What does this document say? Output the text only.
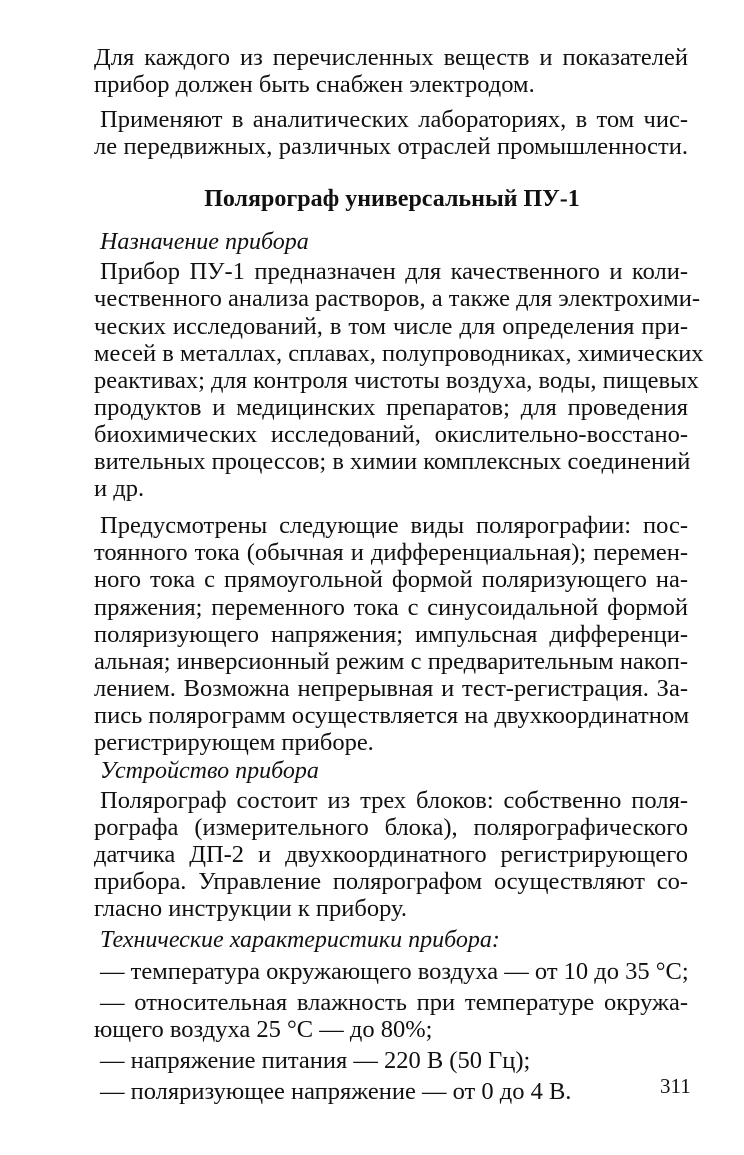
Для каждого из перечисленных веществ и показателей
прибор должен быть снабжен электродом.
Применяют в аналитических лабораториях, в том чис-
ле передвижных, различных отраслей промышленности.
Полярограф универсальный ПУ-1
Назначение прибора
Прибор ПУ-1 предназначен для качественного и коли-
чественного анализа растворов, а также для электрохими-
ческих исследований, в том числе для определения при-
месей в металлах, сплавах, полупроводниках, химических
реактивах; для контроля чистоты воздуха, воды, пищевых
продуктов и медицинских препаратов; для проведения
биохимических исследований, окислительно-восстано-
вительных процессов; в химии комплексных соединений
и др.
Предусмотрены следующие виды полярографии: пос-
тоянного тока (обычная и дифференциальная); перемен-
ного тока с прямоугольной формой поляризующего на-
пряжения; переменного тока с синусоидальной формой
поляризующего напряжения; импульсная дифференци-
альная; инверсионный режим с предварительным накоп-
лением. Возможна непрерывная и тест-регистрация. За-
пись полярограмм осуществляется на двухкоординатном
регистрирующем приборе.
Устройство прибора
Полярограф состоит из трех блоков: собственно поля-
рографа (измерительного блока), полярографического
датчика ДП-2 и двухкоординатного регистрирующего
прибора. Управление полярографом осуществляют со-
гласно инструкции к прибору.
Технические характеристики прибора:
— температура окружающего воздуха — от 10 до 35 °С;
— относительная влажность при температуре окружа-
ющего воздуха 25 °С — до 80%;
— напряжение питания — 220 В (50 Гц);
— поляризующее напряжение — от 0 до 4 В.	311
